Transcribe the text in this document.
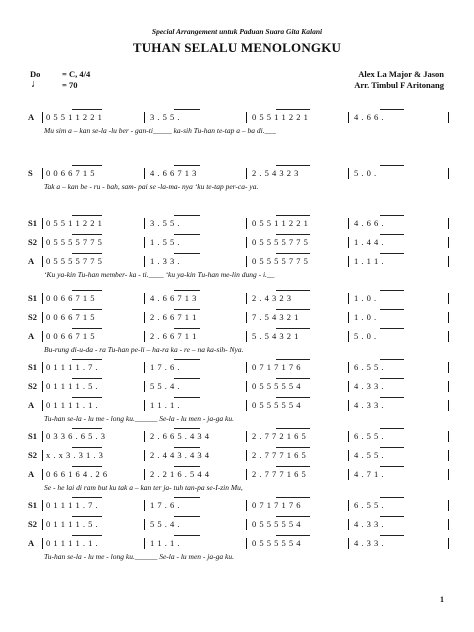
Special Arrangement untuk Paduan Suara Gita Kalani
TUHAN SELALU MENOLONGKU
Do	= C, 4/4
♩ = 70
Alex La Major & Jason
Arr. Timbul F Aritonang
A	0 5 5 1 1 2 2 1	3 . 5 5 .	0 5 5 1 1 2 2 1	4 . 6 6 .
Mu sim a – kan se-la -lu ber - gan-ti_____ ka-sih Tu-han te-tap a – ba di.___
S	0 0 6 6 7 1 5	4 . 6 6 7 1 3	2 . 5 4 3 2 3	5 . 0 .
Tak a – kan be - ru - bah, sam- pai se -la-ma- nya ‘ku te-tap per-ca- ya.
S1	0 5 5 1 1 2 2 1	3 . 5 5 .	0 5 5 1 1 2 2 1	4 . 6 6 .
S2	0 5 5 5 5 7 7 5	1 . 5 5 .	0 5 5 5 5 7 7 5	1 . 4 4 .
A	0 5 5 5 5 7 7 5	1 . 3 3 .	0 5 5 5 5 7 7 5	1 . 1 1 .
‘Ku ya-kin Tu-han member- ka - ti.____ ‘ku ya-kin Tu-han me-lin dung - i.__
S1	0 0 6 6 7 1 5	4 . 6 6 7 1 3	2 . 4 3 2 3	1 . 0 .
S2	0 0 6 6 7 1 5	2 . 6 6 7 1 1	7 . 5 4 3 2 1	1 . 0 .
A	0 0 6 6 7 1 5	2 . 6 6 7 1 1	5 . 5 4 3 2 1	5 . 0 .
Bu-rung di-u-da - ra Tu-han pe-li – ha-ra ka - re – na ka-sih- Nya.
S1	0 1 1 1 1 . 7 .	1 7 . 6 .	0 7 1 7 1 7 6	6 . 5 5 .
S2	0 1 1 1 1 . 5 .	5 5 . 4 .	0 5 5 5 5 5 4	4 . 3 3 .
A	0 1 1 1 1 . 1 .	1 1 . 1 .	0 5 5 5 5 5 4	4 . 3 3 .
Tu-han se-la - lu me - long ku.______ Se-la - lu men - ja-ga ku.
S1	0 3 3 6 . 6 5 . 3	2 . 6 6 5 . 4 3 4	2 . 7 7 2 1 6 5	6 . 5 5 .
S2	x . x 3 . 3 1 . 3	2 . 4 4 3 . 4 3 4	2 . 7 7 7 1 6 5	4 . 5 5 .
A	0 6 6 1 6 4 . 2 6	2 . 2 1 6 . 5 4 4	2 . 7 7 7 1 6 5	4 . 7 1 .
Se - he lai di ram but ku tak a – kan ter ja- tuh tan-pa se-I-zin Mu,
S1	0 1 1 1 1 . 7 .	1 7 . 6 .	0 7 1 7 1 7 6	6 . 5 5 .
S2	0 1 1 1 1 . 5 .	5 5 . 4 .	0 5 5 5 5 5 4	4 . 3 3 .
A	0 1 1 1 1 . 1 .	1 1 . 1 .	0 5 5 5 5 5 4	4 . 3 3 .
Tu-han se-la - lu me - long ku.______ Se-la - lu men - ja-ga ku.
1
